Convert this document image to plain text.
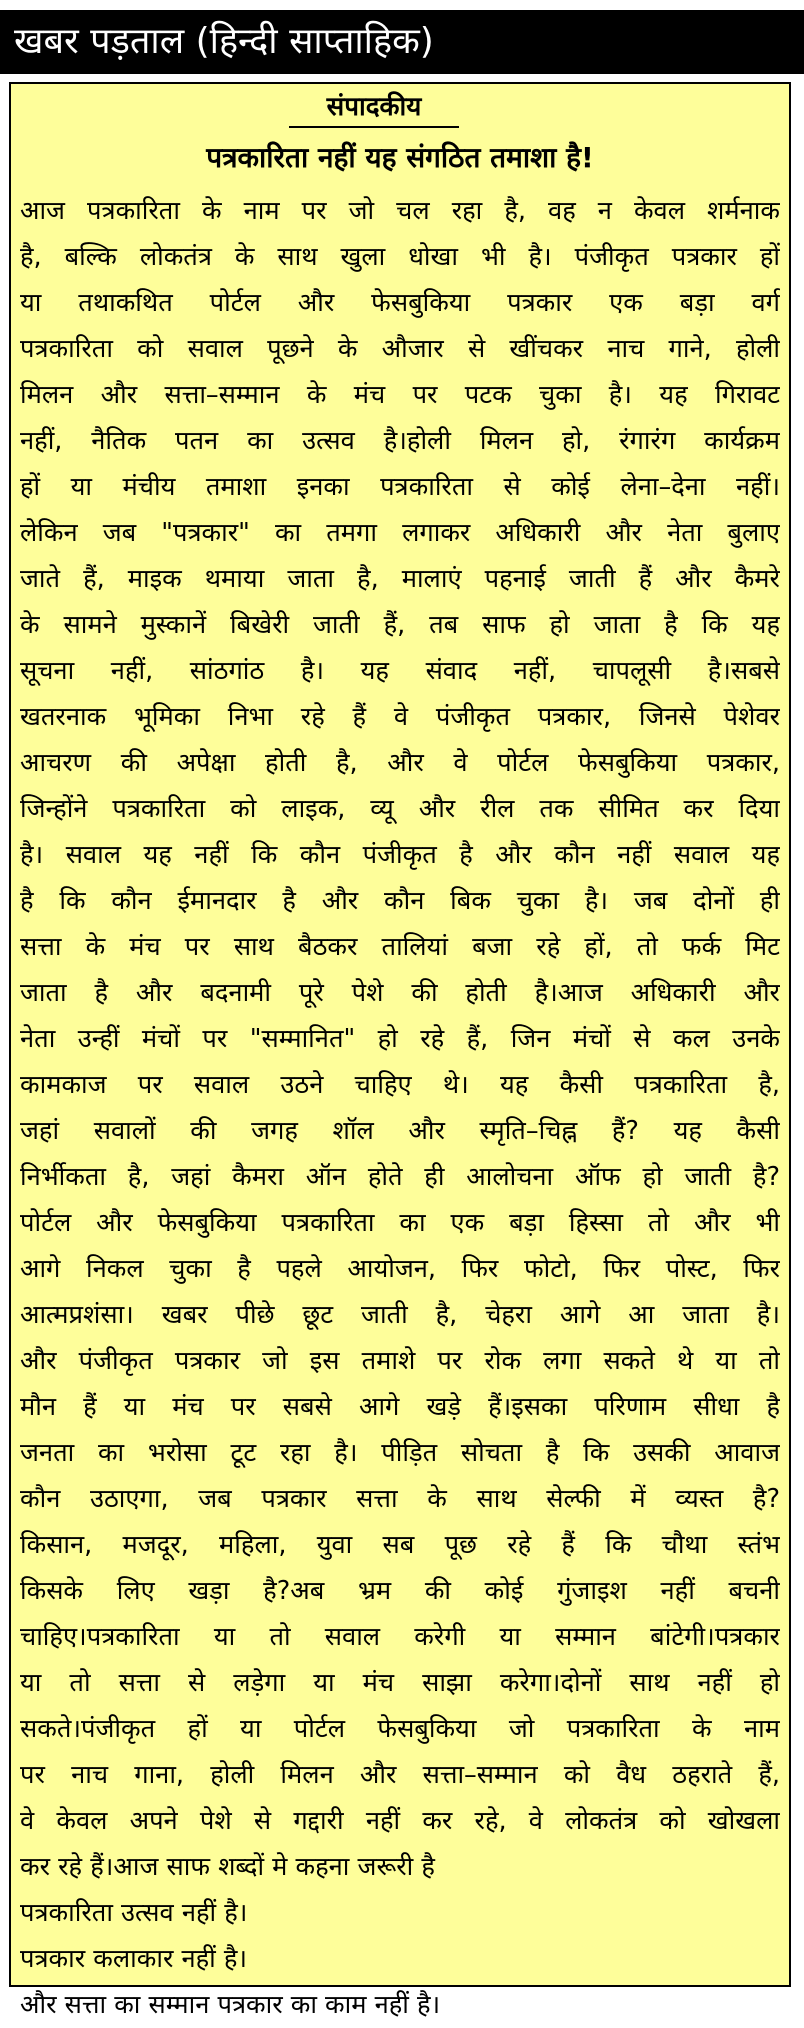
खबर पड़ताल (हिन्दी साप्ताहिक)
संपादकीय
पत्रकारिता नहीं यह संगठित तमाशा है!
आज पत्रकारिता के नाम पर जो चल रहा है, वह न केवल शर्मनाक
है, बल्कि लोकतंत्र के साथ खुला धोखा भी है। पंजीकृत पत्रकार हों
या तथाकथित पोर्टल और फेसबुकिया पत्रकार एक बड़ा वर्ग
पत्रकारिता को सवाल पूछने के औजार से खींचकर नाच गाने, होली
मिलन और सत्ता–सम्मान के मंच पर पटक चुका है। यह गिरावट
नहीं, नैतिक पतन का उत्सव है।होली मिलन हो, रंगारंग कार्यक्रम
हों या मंचीय तमाशा इनका पत्रकारिता से कोई लेना–देना नहीं।
लेकिन जब "पत्रकार" का तमगा लगाकर अधिकारी और नेता बुलाए
जाते हैं, माइक थमाया जाता है, मालाएं पहनाई जाती हैं और कैमरे
के सामने मुस्कानें बिखेरी जाती हैं, तब साफ हो जाता है कि यह
सूचना नहीं, सांठगांठ है। यह संवाद नहीं, चापलूसी है।सबसे
खतरनाक भूमिका निभा रहे हैं वे पंजीकृत पत्रकार, जिनसे पेशेवर
आचरण की अपेक्षा होती है, और वे पोर्टल फेसबुकिया पत्रकार,
जिन्होंने पत्रकारिता को लाइक, व्यू और रील तक सीमित कर दिया
है। सवाल यह नहीं कि कौन पंजीकृत है और कौन नहीं सवाल यह
है कि कौन ईमानदार है और कौन बिक चुका है। जब दोनों ही
सत्ता के मंच पर साथ बैठकर तालियां बजा रहे हों, तो फर्क मिट
जाता है और बदनामी पूरे पेशे की होती है।आज अधिकारी और
नेता उन्हीं मंचों पर "सम्मानित" हो रहे हैं, जिन मंचों से कल उनके
कामकाज पर सवाल उठने चाहिए थे। यह कैसी पत्रकारिता है,
जहां सवालों की जगह शॉल और स्मृति–चिह्न हैं? यह कैसी
निर्भीकता है, जहां कैमरा ऑन होते ही आलोचना ऑफ हो जाती है?
पोर्टल और फेसबुकिया पत्रकारिता का एक बड़ा हिस्सा तो और भी
आगे निकल चुका है पहले आयोजन, फिर फोटो, फिर पोस्ट, फिर
आत्मप्रशंसा। खबर पीछे छूट जाती है, चेहरा आगे आ जाता है।
और पंजीकृत पत्रकार जो इस तमाशे पर रोक लगा सकते थे या तो
मौन हैं या मंच पर सबसे आगे खड़े हैं।इसका परिणाम सीधा है
जनता का भरोसा टूट रहा है। पीड़ित सोचता है कि उसकी आवाज
कौन उठाएगा, जब पत्रकार सत्ता के साथ सेल्फी में व्यस्त है?
किसान, मजदूर, महिला, युवा सब पूछ रहे हैं कि चौथा स्तंभ
किसके लिए खड़ा है?अब भ्रम की कोई गुंजाइश नहीं बचनी
चाहिए।पत्रकारिता या तो सवाल करेगी या सम्मान बांटेगी।पत्रकार
या तो सत्ता से लड़ेगा या मंच साझा करेगा।दोनों साथ नहीं हो
सकते।पंजीकृत हों या पोर्टल फेसबुकिया जो पत्रकारिता के नाम
पर नाच गाना, होली मिलन और सत्ता–सम्मान को वैध ठहराते हैं,
वे केवल अपने पेशे से गद्दारी नहीं कर रहे, वे लोकतंत्र को खोखला
कर रहे हैं।आज साफ शब्दों मे कहना जरूरी है
पत्रकारिता उत्सव नहीं है।
पत्रकार कलाकार नहीं है।
और सत्ता का सम्मान पत्रकार का काम नहीं है।
